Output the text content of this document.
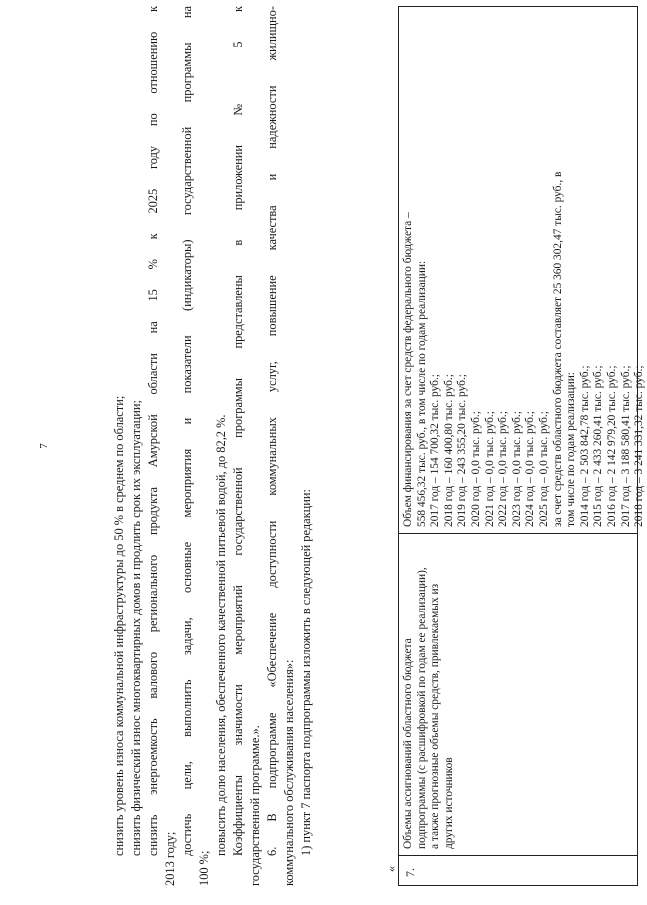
7	снизить уровень износа коммунальной инфраструктуры до 50 % в среднем по области; снизить физический износ многоквартирных домов и продлить срок их эксплуатации; снизить энергоемкость валового регионального продукта Амурской области на 15 % к 2025 году по отношению к
2013 году;
достичь цели, выполнить задачи, основные мероприятия и показатели (индикаторы) государственной программы на
100 %;
повысить долю населения, обеспеченного качественной питьевой водой, до 82,2 %. Коэффициенты значимости мероприятий государственной программы представлены в приложении № 5 к государственной программе.». 6. В подпрограмме «Обеспечение доступности коммунальных услуг, повышение качества и надежности жилищно- коммунального обслуживания населения»: 1) пункт 7 паспорта подпрограммы изложить в следующей редакции:
« 7.
Объемы ассигнований областного бюджета подпрограммы (с расшифровкой по годам ее реализации), а также прогнозные объемы средств, привлекаемых из других источников
Объем финансирования за счет средств федерального бюджета – 558 456,32 тыс. руб., в том числе по годам реализации: 2017 год – 154 700,32 тыс. руб.; 2018 год – 160 400,80 тыс. руб.; 2019 год – 243 355,20 тыс. руб.; 2020 год – 0,0 тыс. руб.; 2021 год – 0,0 тыс. руб.; 2022 год – 0,0 тыс. руб.; 2023 год – 0,0 тыс. руб.; 2024 год – 0,0 тыс. руб.; 2025 год – 0,0 тыс. руб.; за счет средств областного бюджета составляет 25 360 302,47 тыс. руб., в том числе по годам реализации: 2014 год – 2 503 842,78 тыс. руб.; 2015 год – 2 433 260,41 тыс. руб.; 2016 год – 2 142 979,20 тыс. руб.; 2017 год – 3 188 580,41 тыс. руб.; 2018 год – 3 241 331,32 тыс. руб.;
